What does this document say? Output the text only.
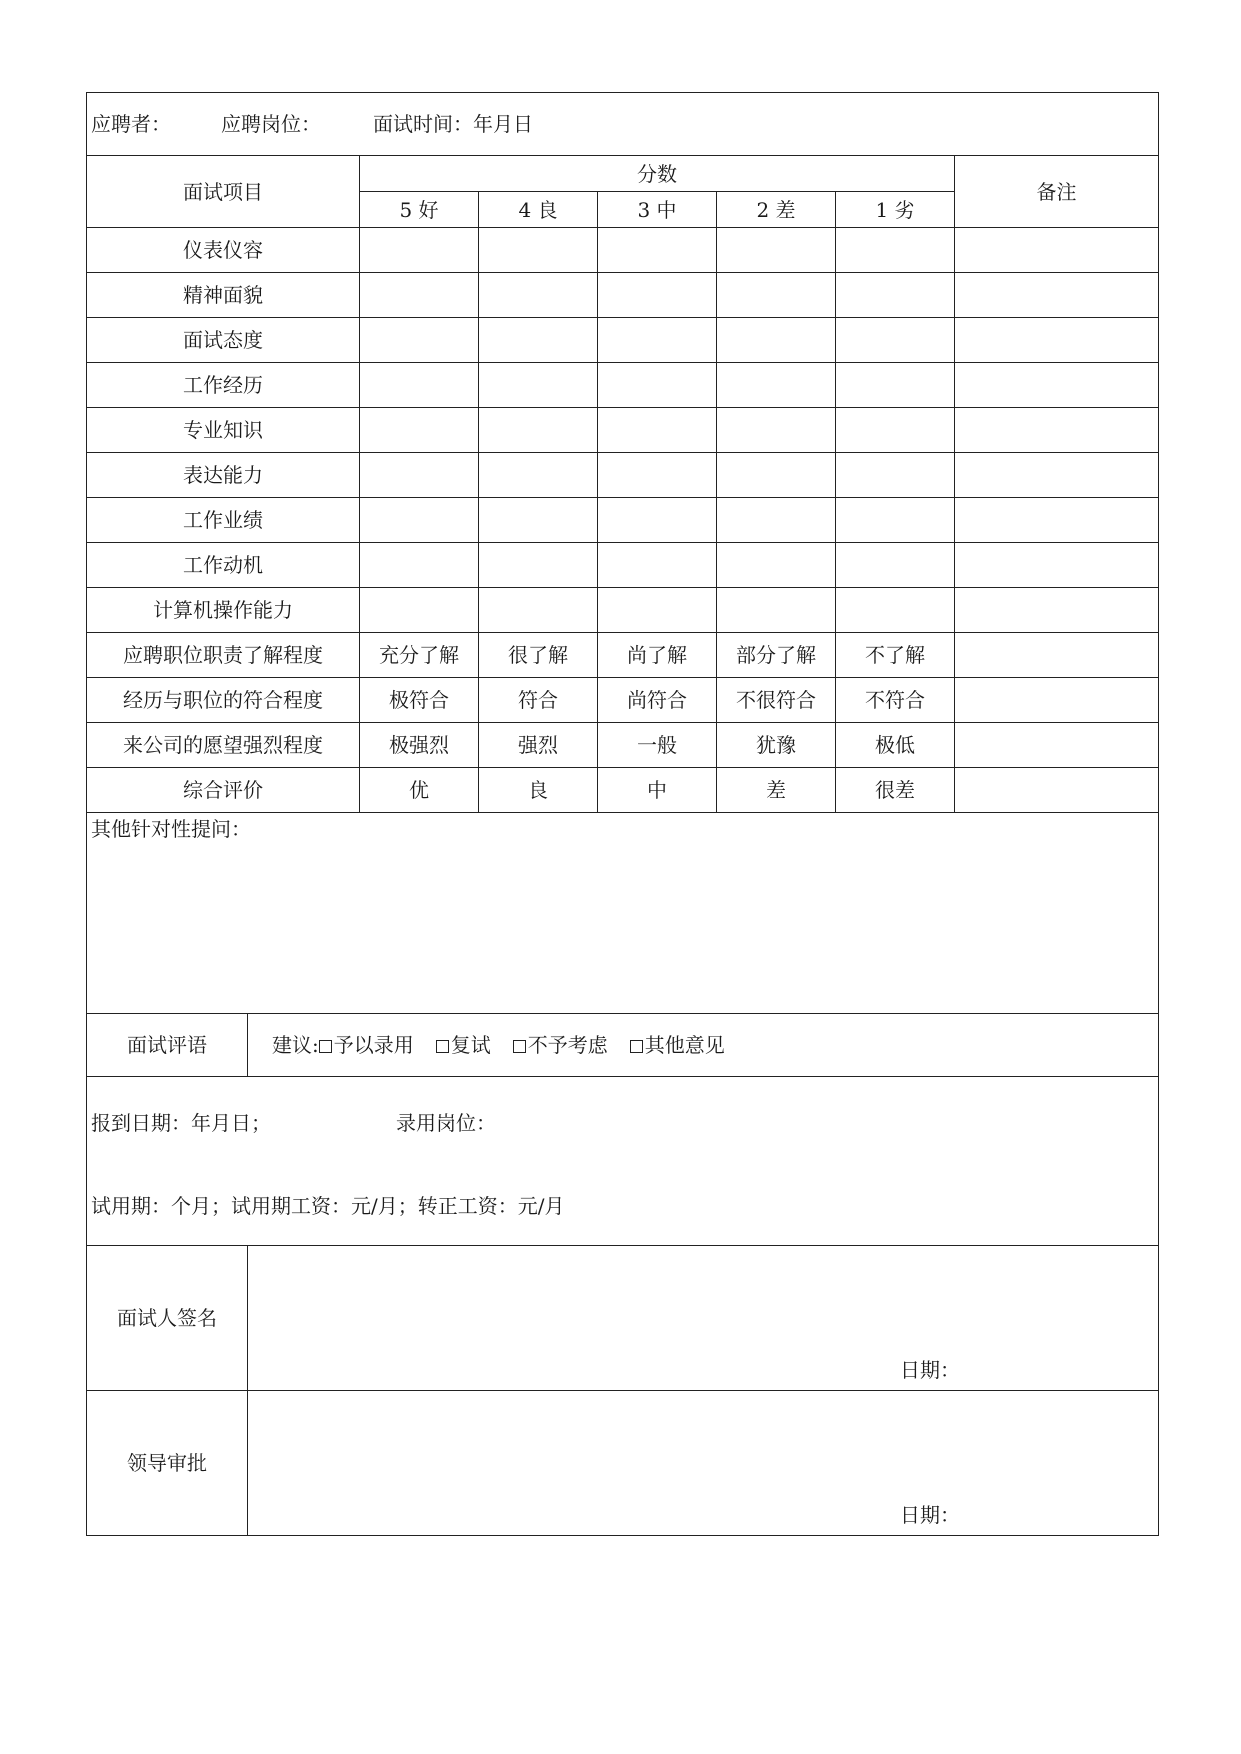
应聘者： 应聘岗位： 面试时间：年月日							
面试项目		分数					备注
		5 好	4 良	3 中	2 差	1 劣	
仪表仪容							
精神面貌							
面试态度							
工作经历							
专业知识							
表达能力							
工作业绩							
工作动机							
计算机操作能力							
应聘职位职责了解程度		充分了解	很了解	尚了解	部分了解	不了解	
经历与职位的符合程度		极符合	符合	尚符合	不很符合	不符合	
来公司的愿望强烈程度		极强烈	强烈	一般	犹豫	极低	
综合评价		优	良	中	差	很差	
其他针对性提问：							
面试评语	建议: 予以录用 复试 不予考虑 其他意见						

报到日期：年月日； 录用岗位：
试用期：个月；试用期工资：元/月；转正工资：元/月							

面试人签名	日期：						

领导审批	日期：						
